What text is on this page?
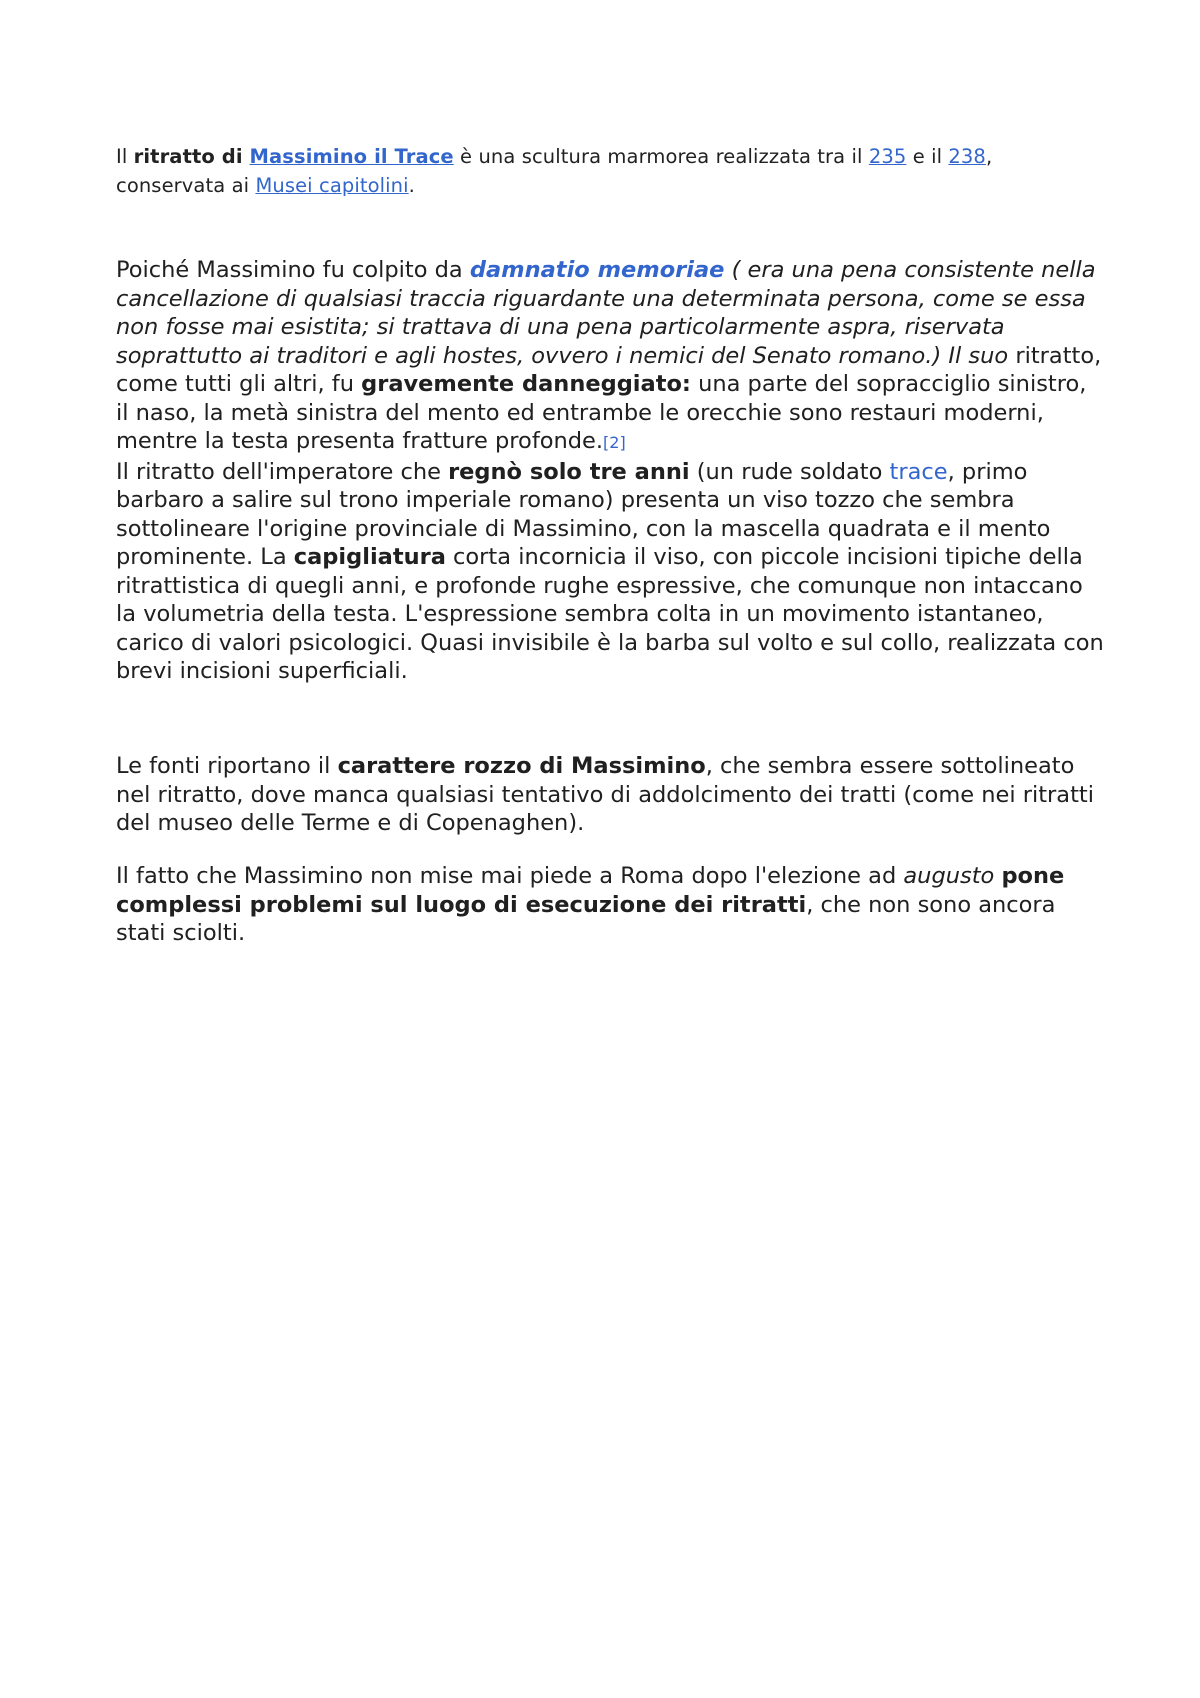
Il ritratto di Massimino il Trace è una scultura marmorea realizzata tra il 235 e il 238, conservata ai Musei capitolini.

Poiché Massimino fu colpito da damnatio memoriae ( era una pena consistente nella cancellazione di qualsiasi traccia riguardante una determinata persona, come se essa non fosse mai esistita; si trattava di una pena particolarmente aspra, riservata soprattutto ai traditori e agli hostes, ovvero i nemici del Senato romano.) Il suo ritratto, come tutti gli altri, fu gravemente danneggiato: una parte del sopracciglio sinistro, il naso, la metà sinistra del mento ed entrambe le orecchie sono restauri moderni, mentre la testa presenta fratture profonde.[2]
Il ritratto dell'imperatore che regnò solo tre anni (un rude soldato trace, primo barbaro a salire sul trono imperiale romano) presenta un viso tozzo che sembra sottolineare l'origine provinciale di Massimino, con la mascella quadrata e il mento prominente. La capigliatura corta incornicia il viso, con piccole incisioni tipiche della ritrattistica di quegli anni, e profonde rughe espressive, che comunque non intaccano la volumetria della testa. L'espressione sembra colta in un movimento istantaneo, carico di valori psicologici. Quasi invisibile è la barba sul volto e sul collo, realizzata con brevi incisioni superficiali.

Le fonti riportano il carattere rozzo di Massimino, che sembra essere sottolineato nel ritratto, dove manca qualsiasi tentativo di addolcimento dei tratti (come nei ritratti del museo delle Terme e di Copenaghen).

Il fatto che Massimino non mise mai piede a Roma dopo l'elezione ad augusto pone complessi problemi sul luogo di esecuzione dei ritratti, che non sono ancora stati sciolti.
